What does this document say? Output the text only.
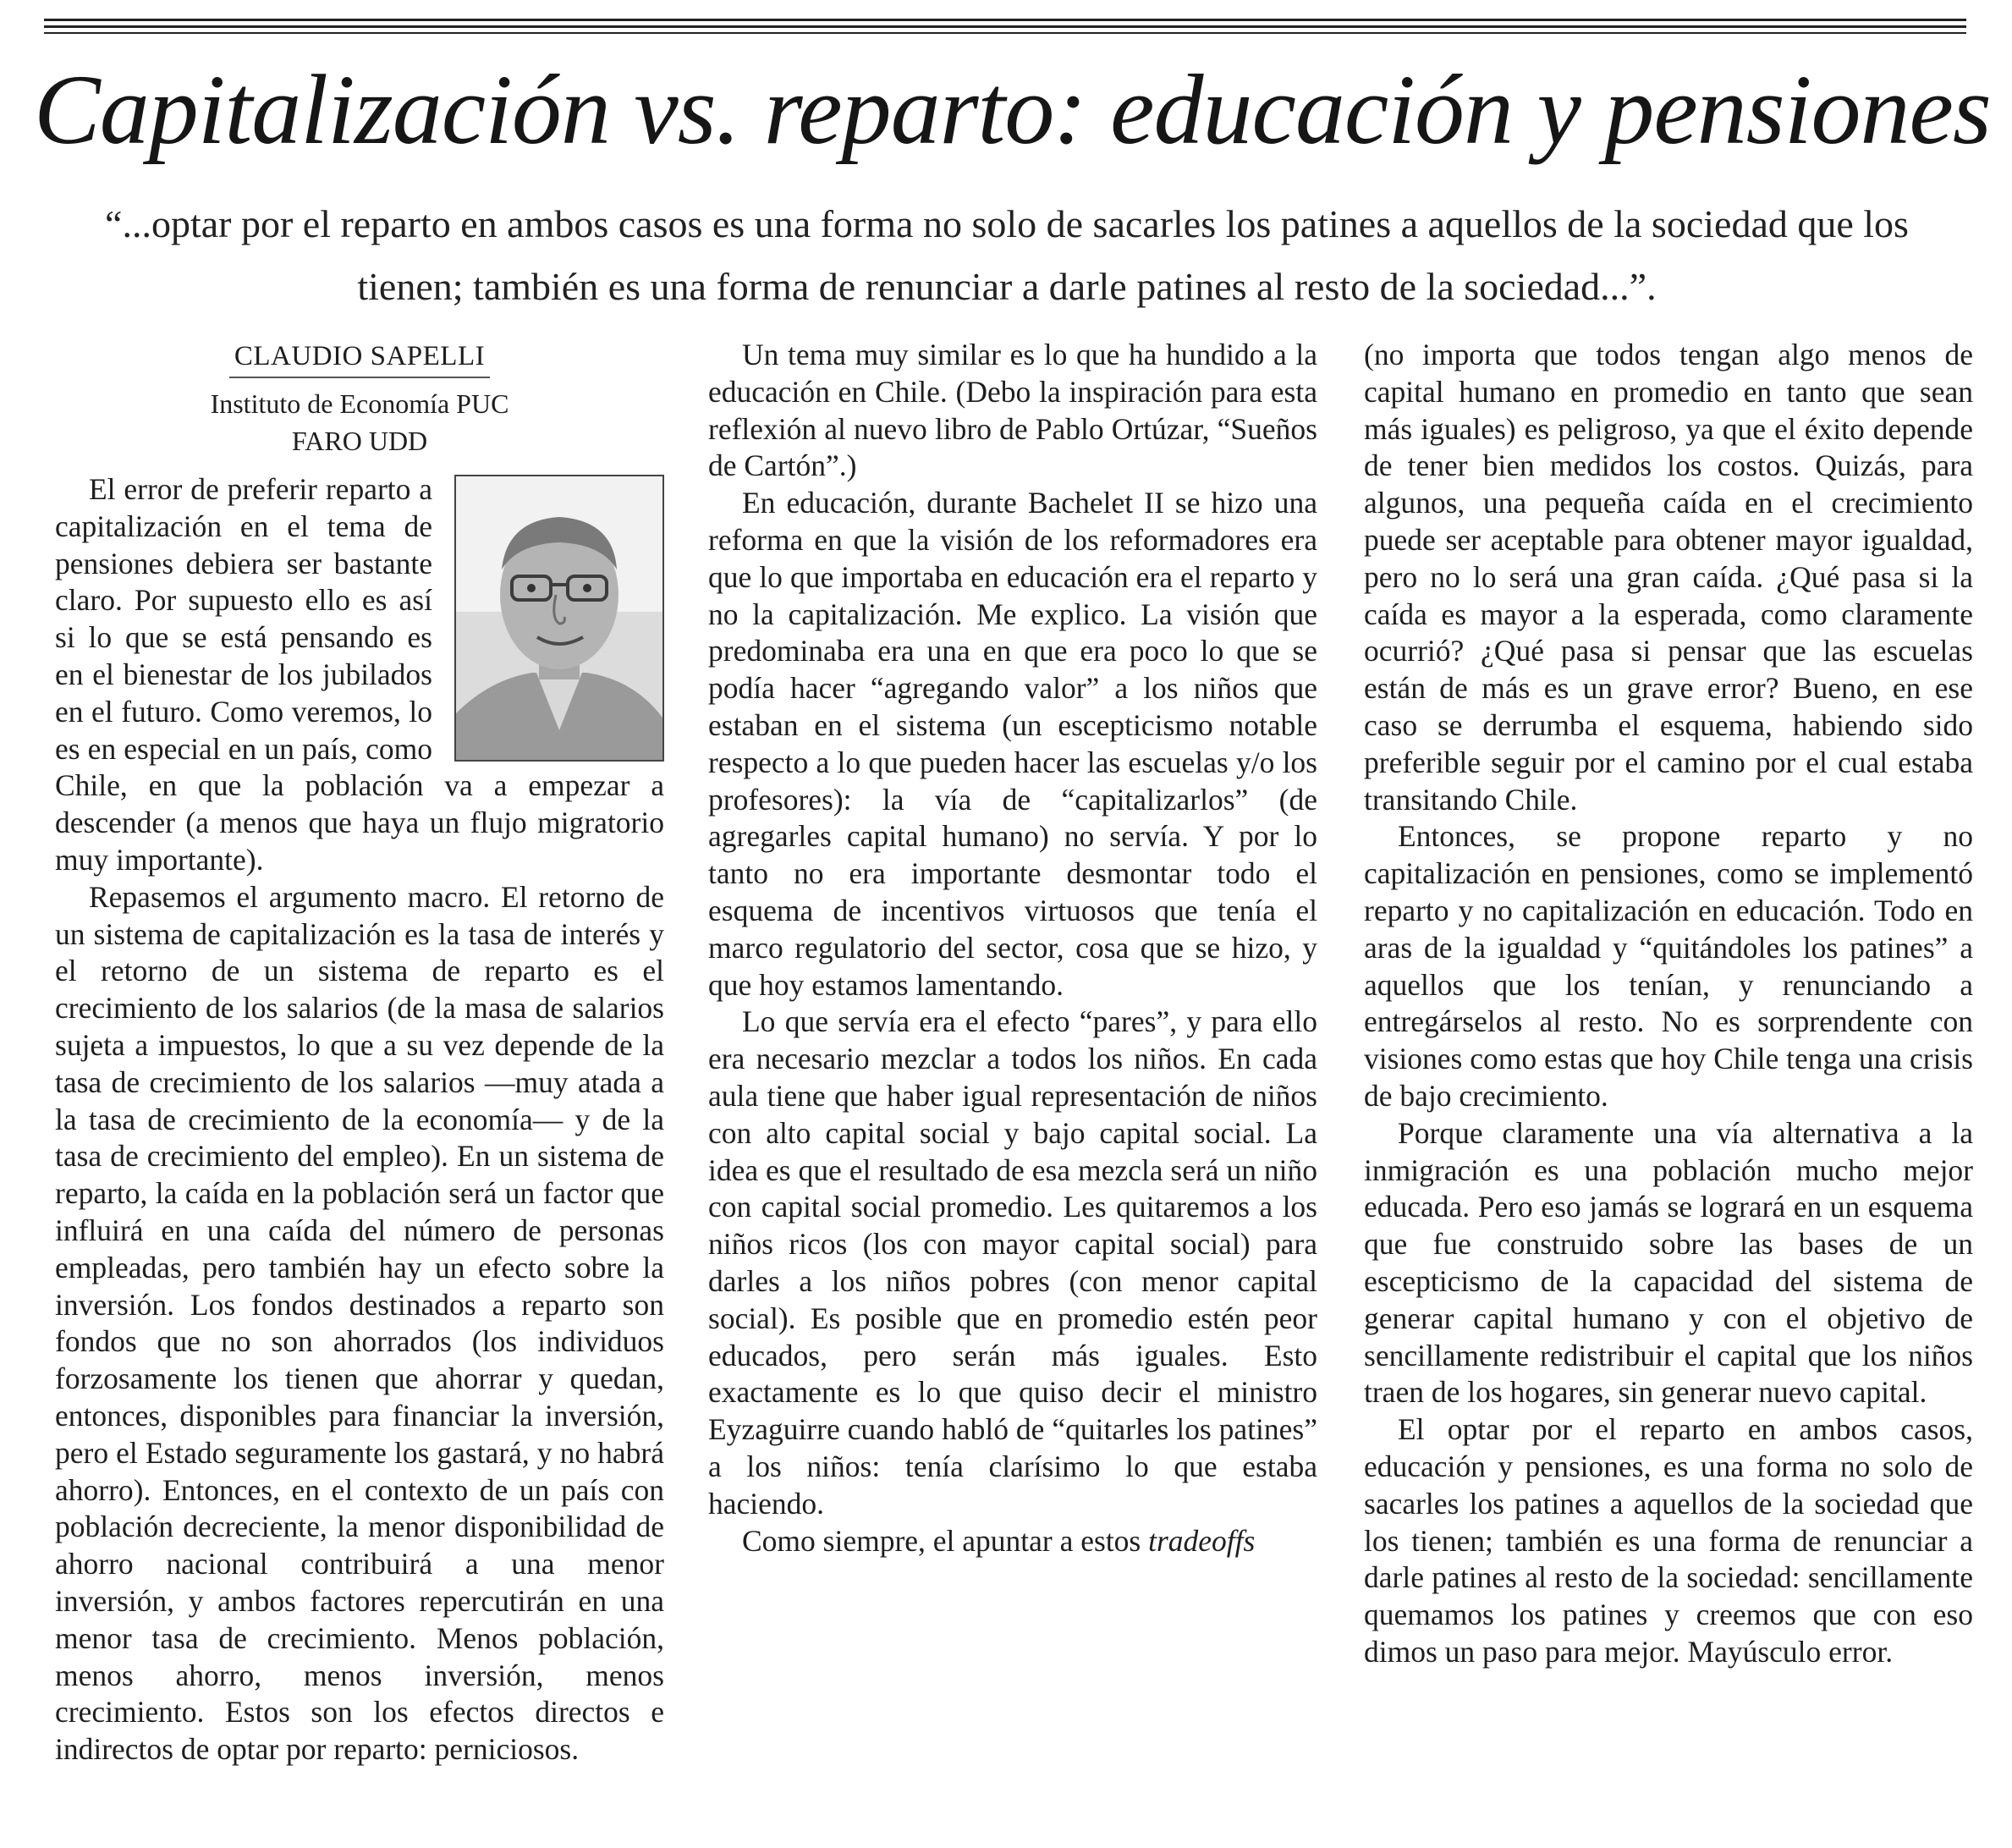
Capitalización vs. reparto: educación y pensiones

“...optar por el reparto en ambos casos es una forma no solo de sacarles los patines a aquellos de la sociedad que los tienen; también es una forma de renunciar a darle patines al resto de la sociedad...”.

CLAUDIO SAPELLI
Instituto de Economía PUC
FARO UDD

El error de preferir reparto a capitalización en el tema de pensiones debiera ser bastante claro. Por supuesto ello es así si lo que se está pensando es en el bienestar de los jubilados en el futuro. Como veremos, lo es en especial en un país, como Chile, en que la población va a empezar a descender (a menos que haya un flujo migratorio muy importante).

Repasemos el argumento macro. El retorno de un sistema de capitalización es la tasa de interés y el retorno de un sistema de reparto es el crecimiento de los salarios (de la masa de salarios sujeta a impuestos, lo que a su vez depende de la tasa de crecimiento de los salarios —muy atada a la tasa de crecimiento de la economía— y de la tasa de crecimiento del empleo). En un sistema de reparto, la caída en la población será un factor que influirá en una caída del número de personas empleadas, pero también hay un efecto sobre la inversión. Los fondos destinados a reparto son fondos que no son ahorrados (los individuos forzosamente los tienen que ahorrar y quedan, entonces, disponibles para financiar la inversión, pero el Estado seguramente los gastará, y no habrá ahorro). Entonces, en el contexto de un país con población decreciente, la menor disponibilidad de ahorro nacional contribuirá a una menor inversión, y ambos factores repercutirán en una menor tasa de crecimiento. Menos población, menos ahorro, menos inversión, menos crecimiento. Estos son los efectos directos e indirectos de optar por reparto: perniciosos.

Un tema muy similar es lo que ha hundido a la educación en Chile. (Debo la inspiración para esta reflexión al nuevo libro de Pablo Ortúzar, “Sueños de Cartón”.)

En educación, durante Bachelet II se hizo una reforma en que la visión de los reformadores era que lo que importaba en educación era el reparto y no la capitalización. Me explico. La visión que predominaba era una en que era poco lo que se podía hacer “agregando valor” a los niños que estaban en el sistema (un escepticismo notable respecto a lo que pueden hacer las escuelas y/o los profesores): la vía de “capitalizarlos” (de agregarles capital humano) no servía. Y por lo tanto no era importante desmontar todo el esquema de incentivos virtuosos que tenía el marco regulatorio del sector, cosa que se hizo, y que hoy estamos lamentando.

Lo que servía era el efecto “pares”, y para ello era necesario mezclar a todos los niños. En cada aula tiene que haber igual representación de niños con alto capital social y bajo capital social. La idea es que el resultado de esa mezcla será un niño con capital social promedio. Les quitaremos a los niños ricos (los con mayor capital social) para darles a los niños pobres (con menor capital social). Es posible que en promedio estén peor educados, pero serán más iguales. Esto exactamente es lo que quiso decir el ministro Eyzaguirre cuando habló de “quitarles los patines” a los niños: tenía clarísimo lo que estaba haciendo.

Como siempre, el apuntar a estos tradeoffs

(no importa que todos tengan algo menos de capital humano en promedio en tanto que sean más iguales) es peligroso, ya que el éxito depende de tener bien medidos los costos. Quizás, para algunos, una pequeña caída en el crecimiento puede ser aceptable para obtener mayor igualdad, pero no lo será una gran caída. ¿Qué pasa si la caída es mayor a la esperada, como claramente ocurrió? ¿Qué pasa si pensar que las escuelas están de más es un grave error? Bueno, en ese caso se derrumba el esquema, habiendo sido preferible seguir por el camino por el cual estaba transitando Chile.

Entonces, se propone reparto y no capitalización en pensiones, como se implementó reparto y no capitalización en educación. Todo en aras de la igualdad y “quitándoles los patines” a aquellos que los tenían, y renunciando a entregárselos al resto. No es sorprendente con visiones como estas que hoy Chile tenga una crisis de bajo crecimiento.

Porque claramente una vía alternativa a la inmigración es una población mucho mejor educada. Pero eso jamás se logrará en un esquema que fue construido sobre las bases de un escepticismo de la capacidad del sistema de generar capital humano y con el objetivo de sencillamente redistribuir el capital que los niños traen de los hogares, sin generar nuevo capital.

El optar por el reparto en ambos casos, educación y pensiones, es una forma no solo de sacarles los patines a aquellos de la sociedad que los tienen; también es una forma de renunciar a darle patines al resto de la sociedad: sencillamente quemamos los patines y creemos que con eso dimos un paso para mejor. Mayúsculo error.
